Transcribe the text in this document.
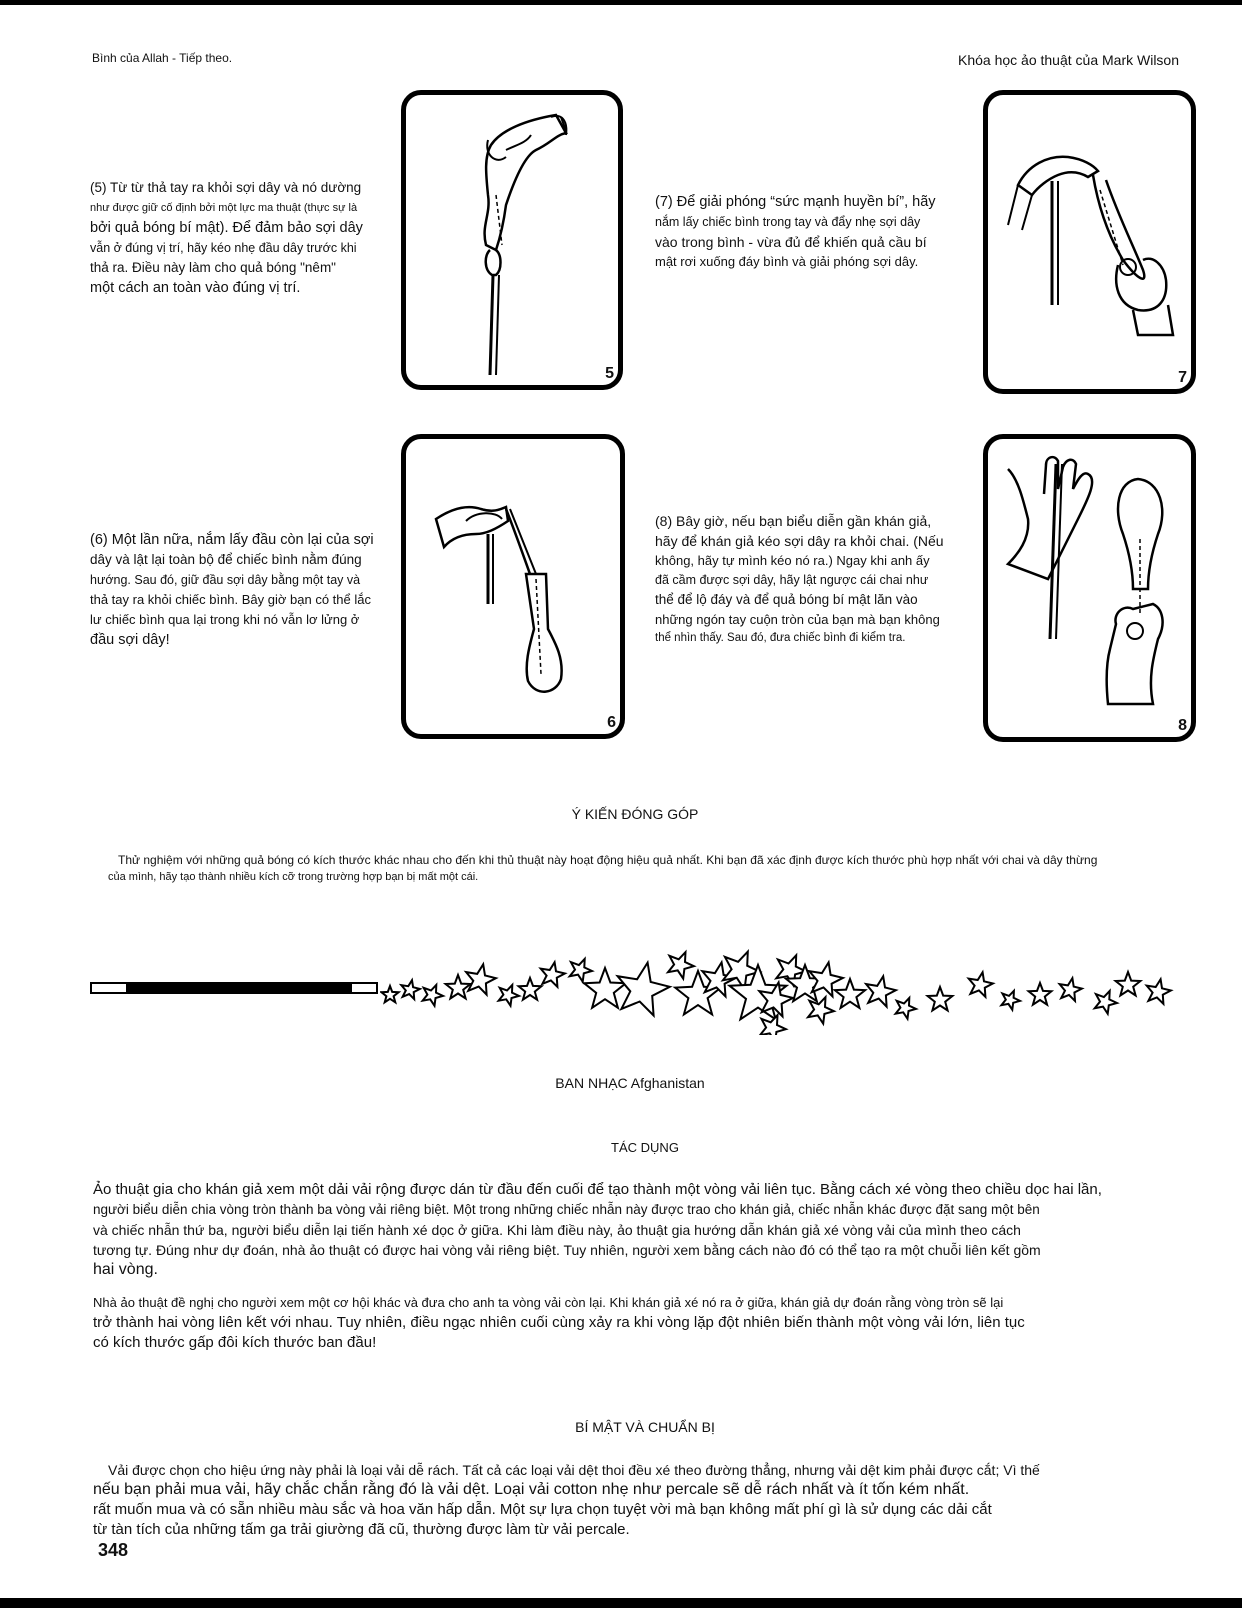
Bình của Allah - Tiếp theo.	Khóa học ảo thuật của Mark Wilson
(5) Từ từ thả tay ra khỏi sợi dây và nó dường
như được giữ cố định bởi một lực ma thuật (thực sự là
bởi quả bóng bí mật). Để đảm bảo sợi dây
vẫn ở đúng vị trí, hãy kéo nhẹ đầu dây trước khi
thả ra. Điều này làm cho quả bóng "nêm"
một cách an toàn vào đúng vị trí.
5
(7) Để giải phóng “sức mạnh huyền bí”, hãy
nắm lấy chiếc bình trong tay và đẩy nhẹ sợi dây
vào trong bình - vừa đủ để khiến quả cầu bí
mật rơi xuống đáy bình và giải phóng sợi dây.
7
(6) Một lần nữa, nắm lấy đầu còn lại của sợi
dây và lật lại toàn bộ để chiếc bình nằm đúng
hướng. Sau đó, giữ đầu sợi dây bằng một tay và
thả tay ra khỏi chiếc bình. Bây giờ bạn có thể lắc
lư chiếc bình qua lại trong khi nó vẫn lơ lửng ở
đầu sợi dây!
6
(8) Bây giờ, nếu bạn biểu diễn gần khán giả,
hãy để khán giả kéo sợi dây ra khỏi chai. (Nếu
không, hãy tự mình kéo nó ra.) Ngay khi anh ấy
đã cầm được sợi dây, hãy lật ngược cái chai như
thể để lộ đáy và để quả bóng bí mật lăn vào
những ngón tay cuộn tròn của bạn mà bạn không
thể nhìn thấy. Sau đó, đưa chiếc bình đi kiểm tra.
8
Ý KIẾN ĐÓNG GÓP
Thử nghiệm với những quả bóng có kích thước khác nhau cho đến khi thủ thuật này hoạt động hiệu quả nhất. Khi bạn đã xác định được kích thước phù hợp nhất với chai và dây thừng
của mình, hãy tạo thành nhiều kích cỡ trong trường hợp bạn bị mất một cái.
BAN NHẠC Afghanistan
TÁC DỤNG
Ảo thuật gia cho khán giả xem một dải vải rộng được dán từ đầu đến cuối để tạo thành một vòng vải liên tục. Bằng cách xé vòng theo chiều dọc hai lần,
người biểu diễn chia vòng tròn thành ba vòng vải riêng biệt. Một trong những chiếc nhẫn này được trao cho khán giả, chiếc nhẫn khác được đặt sang một bên
và chiếc nhẫn thứ ba, người biểu diễn lại tiến hành xé dọc ở giữa. Khi làm điều này, ảo thuật gia hướng dẫn khán giả xé vòng vải của mình theo cách
tương tự. Đúng như dự đoán, nhà ảo thuật có được hai vòng vải riêng biệt. Tuy nhiên, người xem bằng cách nào đó có thể tạo ra một chuỗi liên kết gồm
hai vòng.
Nhà ảo thuật đề nghị cho người xem một cơ hội khác và đưa cho anh ta vòng vải còn lại. Khi khán giả xé nó ra ở giữa, khán giả dự đoán rằng vòng tròn sẽ lại
trở thành hai vòng liên kết với nhau. Tuy nhiên, điều ngạc nhiên cuối cùng xảy ra khi vòng lặp đột nhiên biến thành một vòng vải lớn, liên tục
có kích thước gấp đôi kích thước ban đầu!
BÍ MẬT VÀ CHUẨN BỊ
Vải được chọn cho hiệu ứng này phải là loại vải dễ rách. Tất cả các loại vải dệt thoi đều xé theo đường thẳng, nhưng vải dệt kim phải được cắt; Vì thế
nếu bạn phải mua vải, hãy chắc chắn rằng đó là vải dệt. Loại vải cotton nhẹ như percale sẽ dễ rách nhất và ít tốn kém nhất.
rất muốn mua và có sẵn nhiều màu sắc và hoa văn hấp dẫn. Một sự lựa chọn tuyệt vời mà bạn không mất phí gì là sử dụng các dải cắt
từ tàn tích của những tấm ga trải giường đã cũ, thường được làm từ vải percale.
348
